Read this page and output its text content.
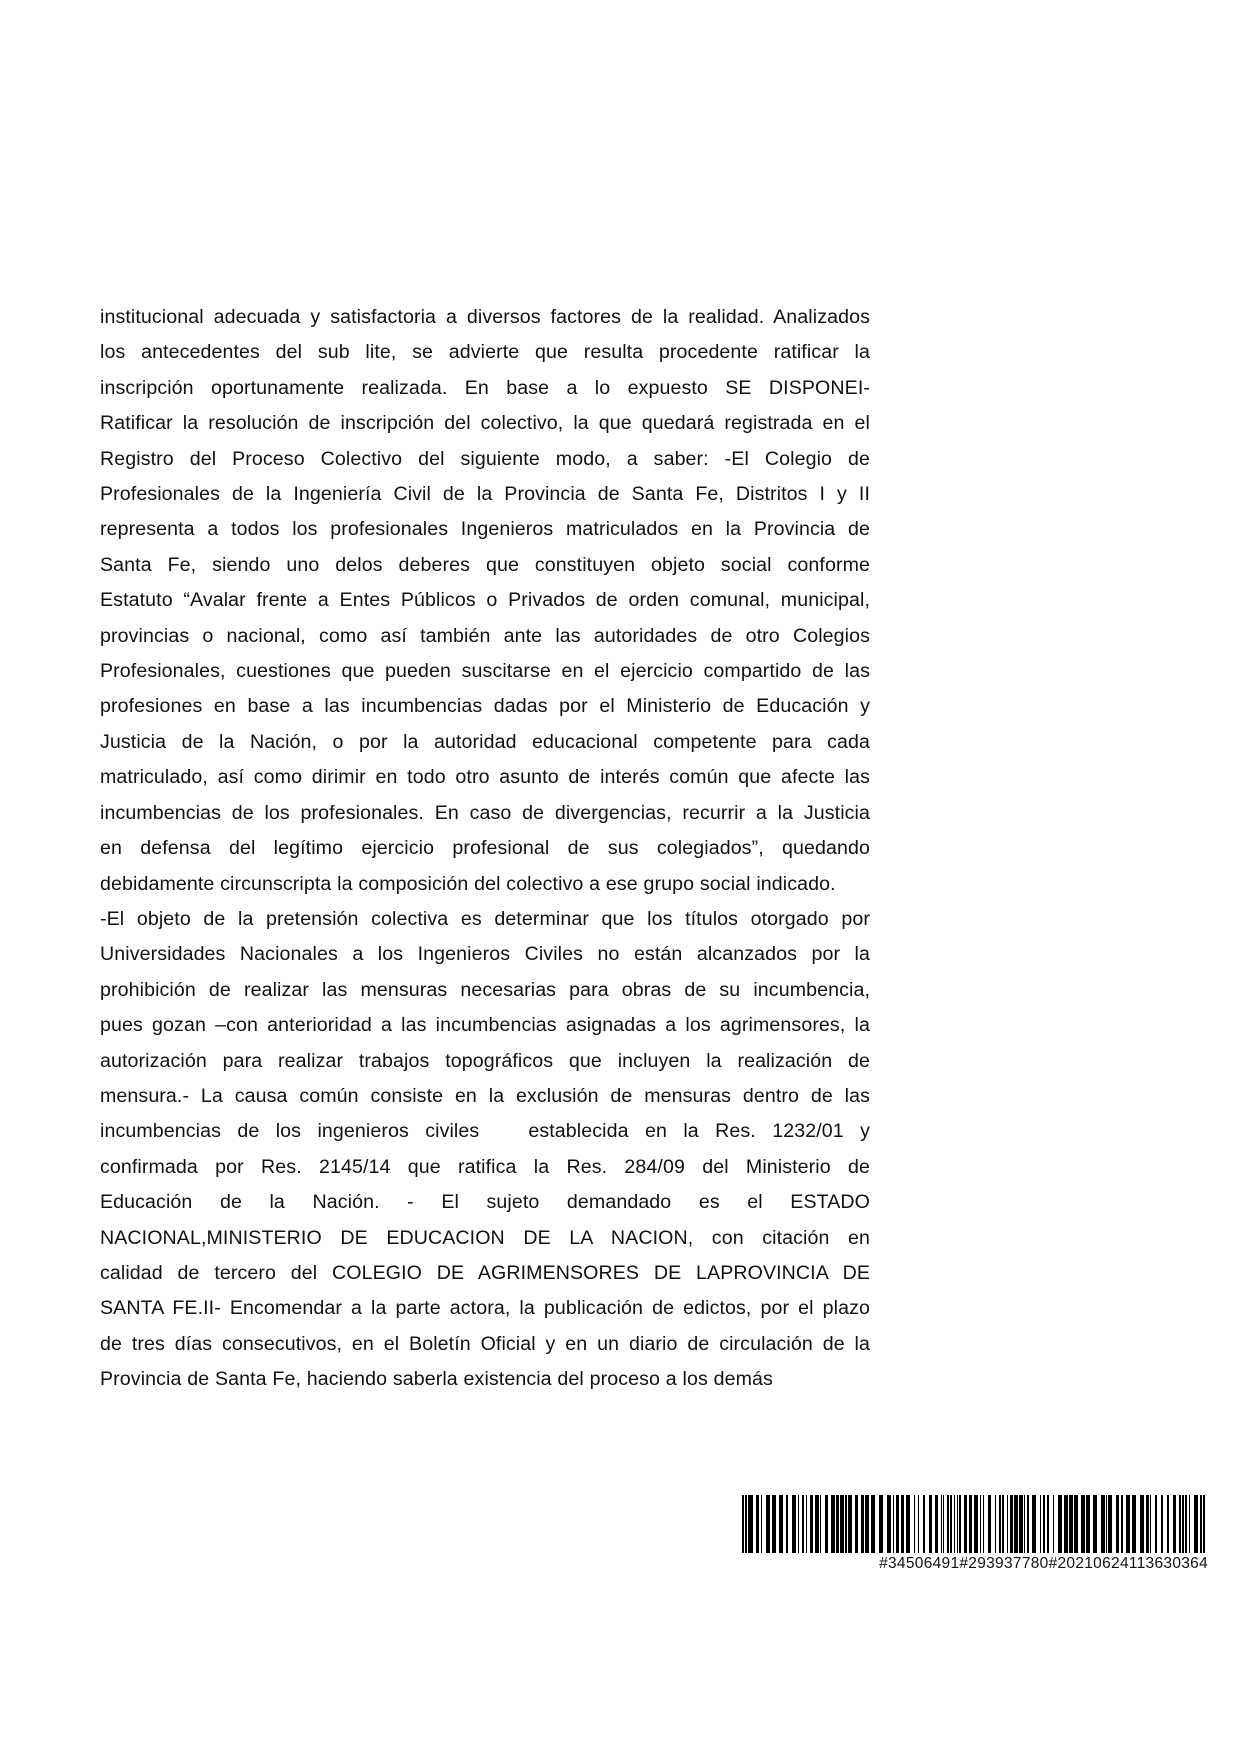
institucional adecuada y satisfactoria a diversos factores de la realidad. Analizados
los antecedentes del sub lite, se advierte que resulta procedente ratificar la
inscripción oportunamente realizada. En base a lo expuesto SE DISPONEI-
Ratificar la resolución de inscripción del colectivo, la que quedará registrada en el
Registro del Proceso Colectivo del siguiente modo, a saber: -El Colegio de
Profesionales de la Ingeniería Civil de la Provincia de Santa Fe, Distritos I y II
representa a todos los profesionales Ingenieros matriculados en la Provincia de
Santa Fe, siendo uno delos deberes que constituyen objeto social conforme
Estatuto “Avalar frente a Entes Públicos o Privados de orden comunal, municipal,
provincias o nacional, como así también ante las autoridades de otro Colegios
Profesionales, cuestiones que pueden suscitarse en el ejercicio compartido de las
profesiones en base a las incumbencias dadas por el Ministerio de Educación y
Justicia de la Nación, o por la autoridad educacional competente para cada
matriculado, así como dirimir en todo otro asunto de interés común que afecte las
incumbencias de los profesionales. En caso de divergencias, recurrir a la Justicia
en defensa del legítimo ejercicio profesional de sus colegiados”, quedando
debidamente circunscripta la composición del colectivo a ese grupo social indicado.
-El objeto de la pretensión colectiva es determinar que los títulos otorgado por
Universidades Nacionales a los Ingenieros Civiles no están alcanzados por la
prohibición de realizar las mensuras necesarias para obras de su incumbencia,
pues gozan –con anterioridad a las incumbencias asignadas a los agrimensores, la
autorización para realizar trabajos topográficos que incluyen la realización de
mensura.- La causa común consiste en la exclusión de mensuras dentro de las
incumbencias de los ingenieros civiles   establecida en la Res. 1232/01 y
confirmada por Res. 2145/14 que ratifica la Res. 284/09 del Ministerio de
Educación de la Nación. - El sujeto demandado es el ESTADO
NACIONAL,MINISTERIO DE EDUCACION DE LA NACION, con citación en
calidad de tercero del COLEGIO DE AGRIMENSORES DE LAPROVINCIA DE
SANTA FE.II- Encomendar a la parte actora, la publicación de edictos, por el plazo
de tres días consecutivos, en el Boletín Oficial y en un diario de circulación de la
Provincia de Santa Fe, haciendo saberla existencia del proceso a los demás
#34506491#293937780#20210624113630364
